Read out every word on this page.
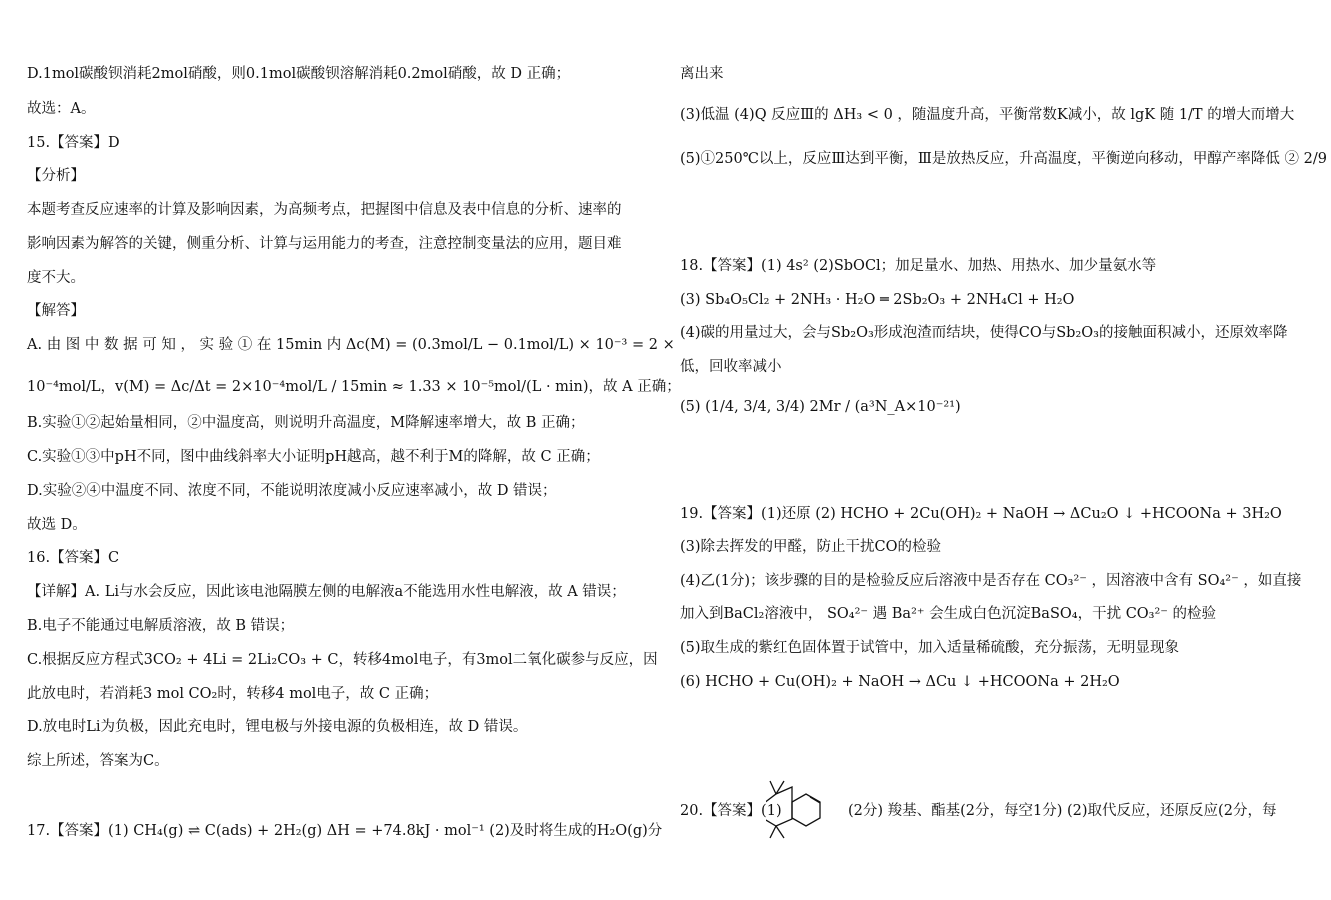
D.1mol碳酸钡消耗2mol硝酸，则0.1mol碳酸钡溶解消耗0.2mol硝酸，故 D 正确；
故选：A。
15.【答案】D
【分析】
本题考查反应速率的计算及影响因素，为高频考点，把握图中信息及表中信息的分析、速率的
影响因素为解答的关键，侧重分析、计算与运用能力的考查，注意控制变量法的应用，题目难
度不大。
【解答】
A. 由 图 中 数 据 可 知 ， 实 验 ① 在 15min 内 Δc(M) = (0.3mol/L − 0.1mol/L) × 10⁻³ = 2 ×
10⁻⁴mol/L，v(M) = Δc/Δt = 2×10⁻⁴mol/L / 15min ≈ 1.33 × 10⁻⁵mol/(L · min)，故 A 正确；
B.实验①②起始量相同，②中温度高，则说明升高温度，M降解速率增大，故 B 正确；
C.实验①③中pH不同，图中曲线斜率大小证明pH越高，越不利于M的降解，故 C 正确；
D.实验②④中温度不同、浓度不同，不能说明浓度减小反应速率减小，故 D 错误；
故选 D。
16.【答案】C
【详解】A. Li与水会反应，因此该电池隔膜左侧的电解液a不能选用水性电解液，故 A 错误；
B.电子不能通过电解质溶液，故 B 错误；
C.根据反应方程式3CO₂ + 4Li = 2Li₂CO₃ + C，转移4mol电子，有3mol二氧化碳参与反应，因
此放电时，若消耗3 mol CO₂时，转移4 mol电子，故 C 正确；
D.放电时Li为负极，因此充电时，锂电极与外接电源的负极相连，故 D 错误。
综上所述，答案为C。
17.【答案】(1) CH₄(g) ⇌ C(ads) + 2H₂(g) ΔH = +74.8kJ · mol⁻¹ (2)及时将生成的H₂O(g)分
离出来
(3)低温 (4)Q 反应Ⅲ的 ΔH₃ < 0 ，随温度升高，平衡常数K减小，故 lgK 随 1/T 的增大而增大
(5)①250℃以上，反应Ⅲ达到平衡，Ⅲ是放热反应，升高温度，平衡逆向移动，甲醇产率降低 ② 2/9
18.【答案】(1) 4s² (2)SbOCl；加足量水、加热、用热水、加少量氨水等
(3) Sb₄O₅Cl₂ + 2NH₃ · H₂O ═ 2Sb₂O₃ + 2NH₄Cl + H₂O
(4)碳的用量过大，会与Sb₂O₃形成泡渣而结块，使得CO与Sb₂O₃的接触面积减小，还原效率降
低，回收率减小
(5) (1/4, 3/4, 3/4) 2Mr / (a³N_A×10⁻²¹)
19.【答案】(1)还原 (2) HCHO + 2Cu(OH)₂ + NaOH → ΔCu₂O ↓ +HCOONa + 3H₂O
(3)除去挥发的甲醛，防止干扰CO的检验
(4)乙(1分)；该步骤的目的是检验反应后溶液中是否存在 CO₃²⁻ ，因溶液中含有 SO₄²⁻ ，如直接
加入到BaCl₂溶液中， SO₄²⁻ 遇 Ba²⁺ 会生成白色沉淀BaSO₄，干扰 CO₃²⁻ 的检验
(5)取生成的紫红色固体置于试管中，加入适量稀硫酸，充分振荡，无明显现象
(6) HCHO + Cu(OH)₂ + NaOH → ΔCu ↓ +HCOONa + 2H₂O
20.【答案】(1)	(2分) 羧基、酯基(2分，每空1分) (2)取代反应，还原反应(2分，每
